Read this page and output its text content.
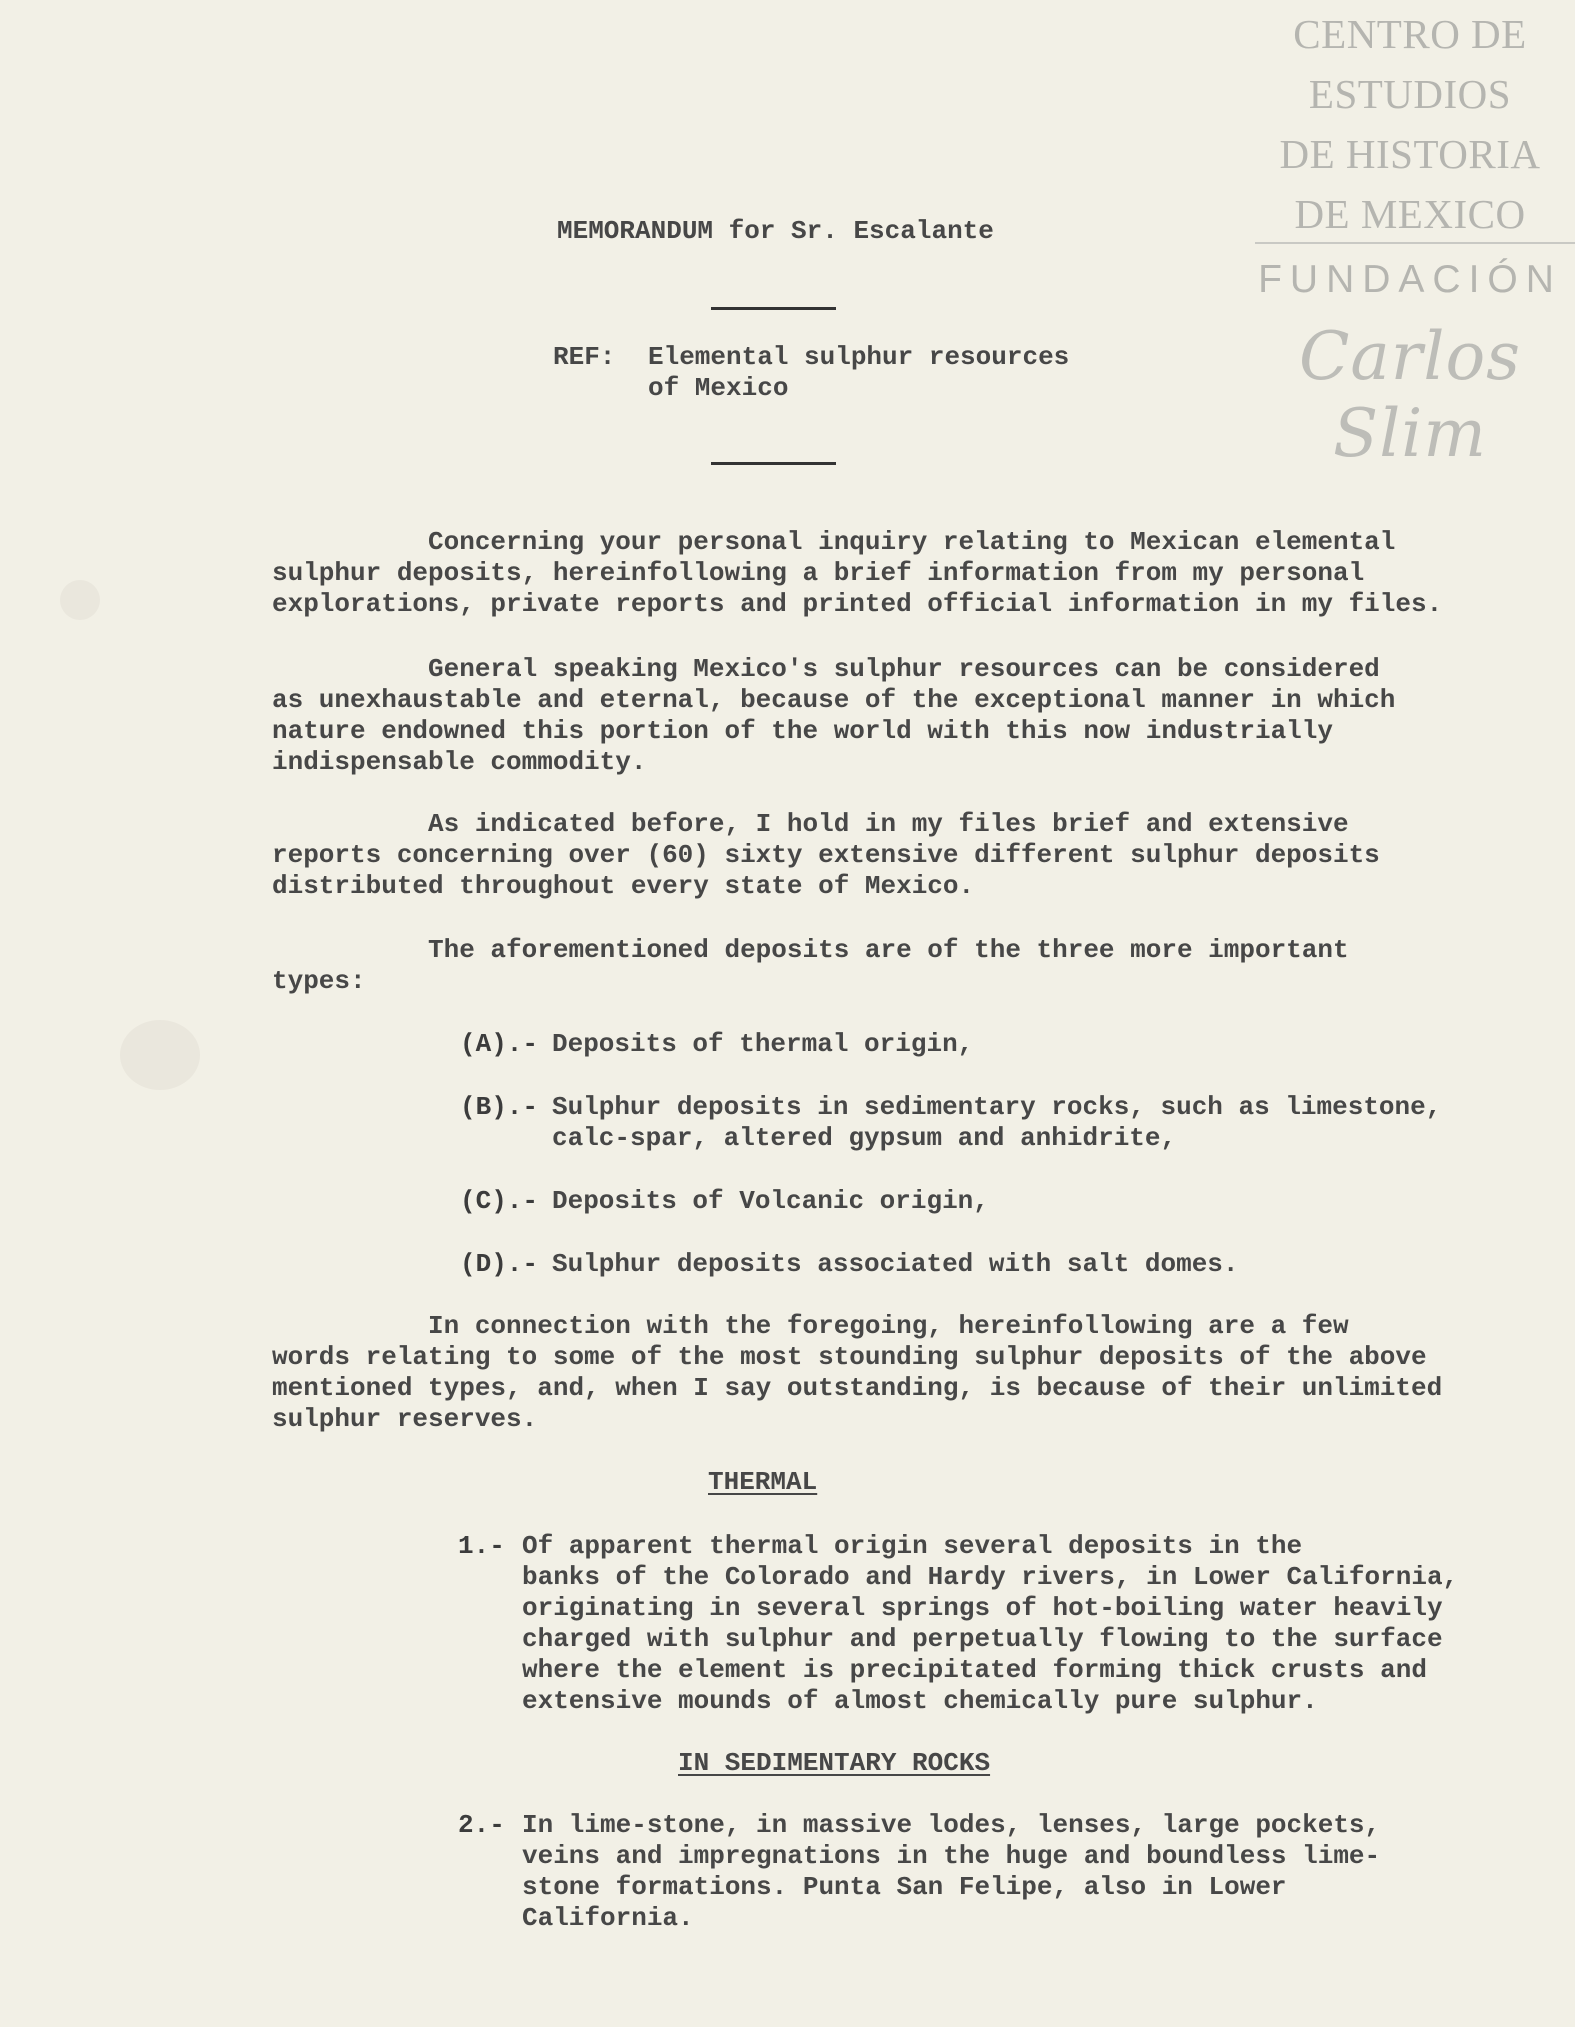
CENTRO DE
ESTUDIOS
DE HISTORIA
DE MEXICO
FUNDACIÓN
Carlos Slim
MEMORANDUM for Sr. Escalante
REF: Elemental sulphur resources
of Mexico
Concerning your personal inquiry relating to Mexican elemental
sulphur deposits, hereinfollowing a brief information from my personal
explorations, private reports and printed official information in my files.
General speaking Mexico's sulphur resources can be considered
as unexhaustable and eternal, because of the exceptional manner in which
nature endowned this portion of the world with this now industrially
indispensable commodity.
As indicated before, I hold in my files brief and extensive
reports concerning over (60) sixty extensive different sulphur deposits
distributed throughout every state of Mexico.
The aforementioned deposits are of the three more important
types:
(A).- Deposits of thermal origin,
(B).- Sulphur deposits in sedimentary rocks, such as limestone,
calc-spar, altered gypsum and anhidrite,
(C).- Deposits of Volcanic origin,
(D).- Sulphur deposits associated with salt domes.
In connection with the foregoing, hereinfollowing are a few
words relating to some of the most stounding sulphur deposits of the above
mentioned types, and, when I say outstanding, is because of their unlimited
sulphur reserves.
THERMAL
1.- Of apparent thermal origin several deposits in the
banks of the Colorado and Hardy rivers, in Lower California,
originating in several springs of hot-boiling water heavily
charged with sulphur and perpetually flowing to the surface
where the element is precipitated forming thick crusts and
extensive mounds of almost chemically pure sulphur.
IN SEDIMENTARY ROCKS
2.- In lime-stone, in massive lodes, lenses, large pockets,
veins and impregnations in the huge and boundless lime-
stone formations. Punta San Felipe, also in Lower
California.
